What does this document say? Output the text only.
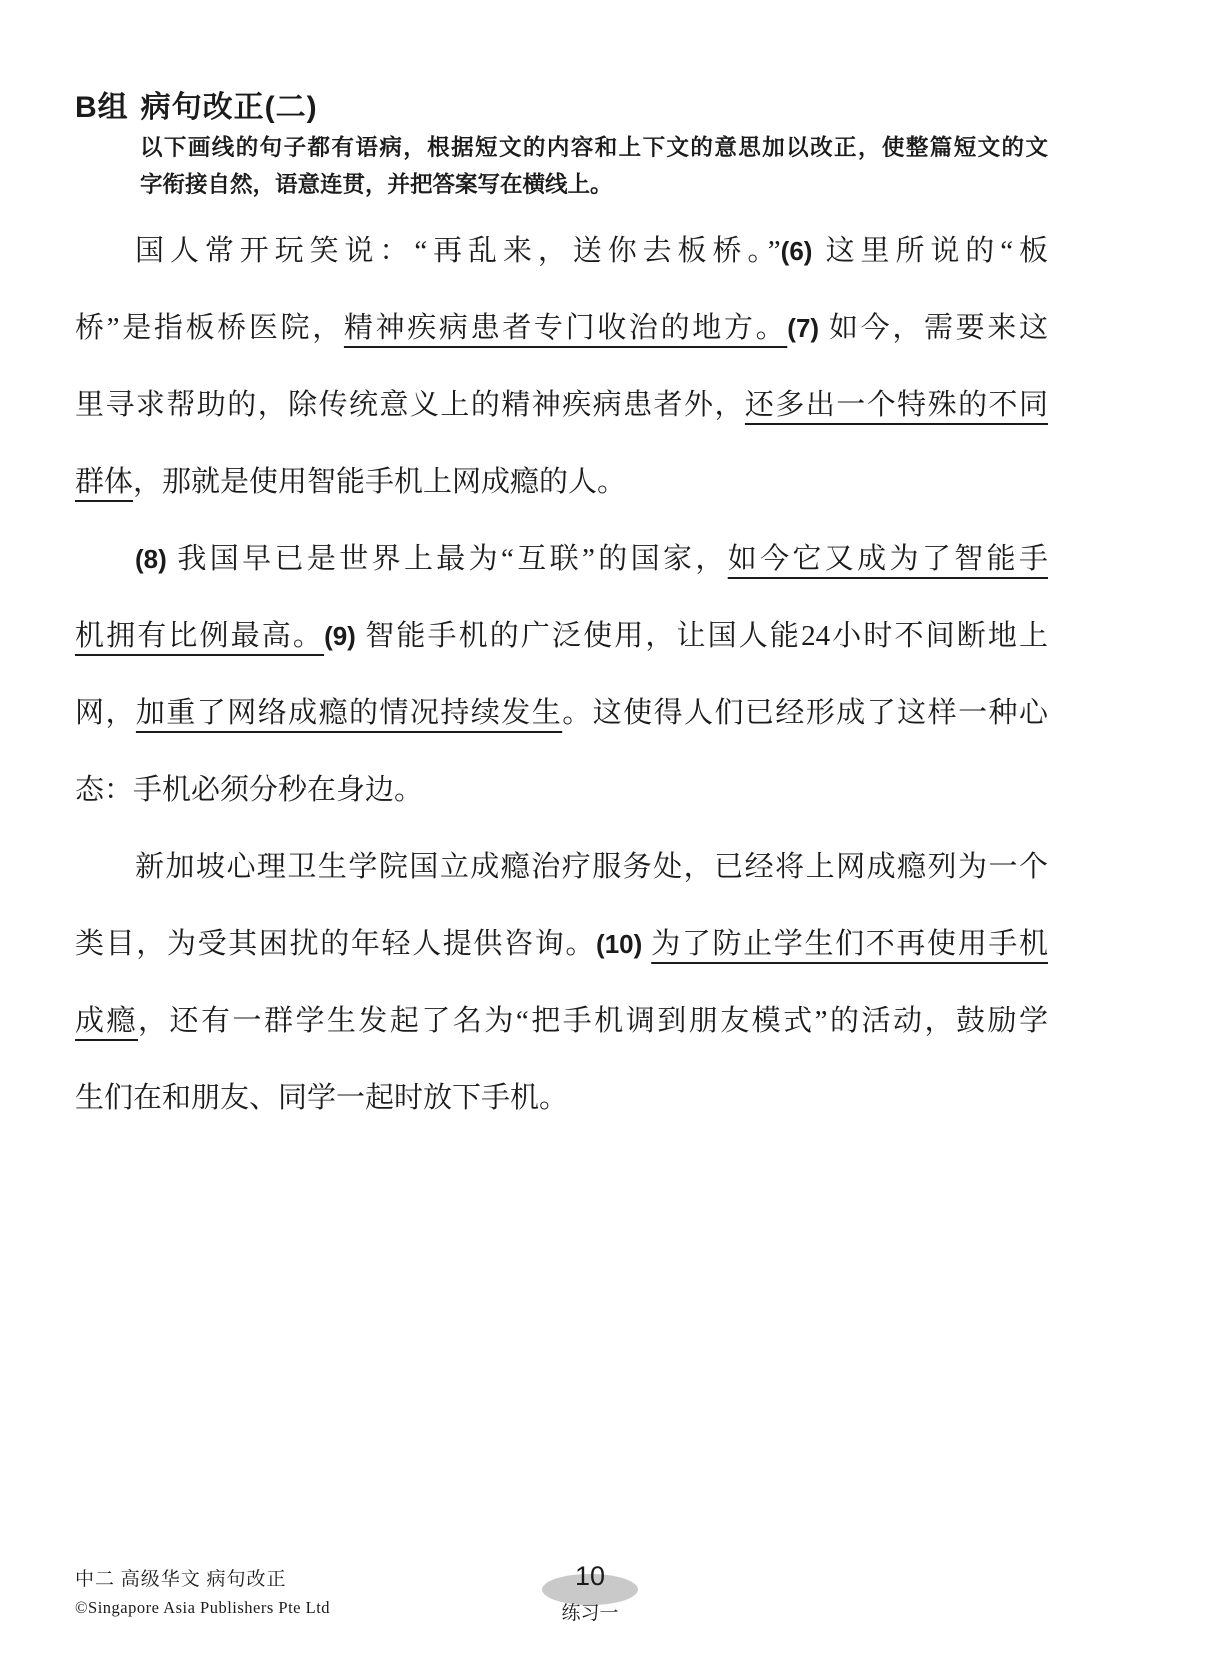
B组 病句改正(二)
以下画线的句子都有语病，根据短文的内容和上下文的意思加以改正，使整篇短文的文
字衔接自然，语意连贯，并把答案写在横线上。
国人常开玩笑说：“再乱来，送你去板桥。”(6) 这里所说的“板
桥”是指板桥医院，精神疾病患者专门收治的地方。(7) 如今，需要来这
里寻求帮助的，除传统意义上的精神疾病患者外，还多出一个特殊的不同
群体，那就是使用智能手机上网成瘾的人。
(8) 我国早已是世界上最为“互联”的国家，如今它又成为了智能手
机拥有比例最高。(9) 智能手机的广泛使用，让国人能24小时不间断地上
网，加重了网络成瘾的情况持续发生。这使得人们已经形成了这样一种心
态：手机必须分秒在身边。
新加坡心理卫生学院国立成瘾治疗服务处，已经将上网成瘾列为一个
类目，为受其困扰的年轻人提供咨询。(10) 为了防止学生们不再使用手机
成瘾，还有一群学生发起了名为“把手机调到朋友模式”的活动，鼓励学
生们在和朋友、同学一起时放下手机。
中二 高级华文 病句改正
©Singapore Asia Publishers Pte Ltd
10
练习一
